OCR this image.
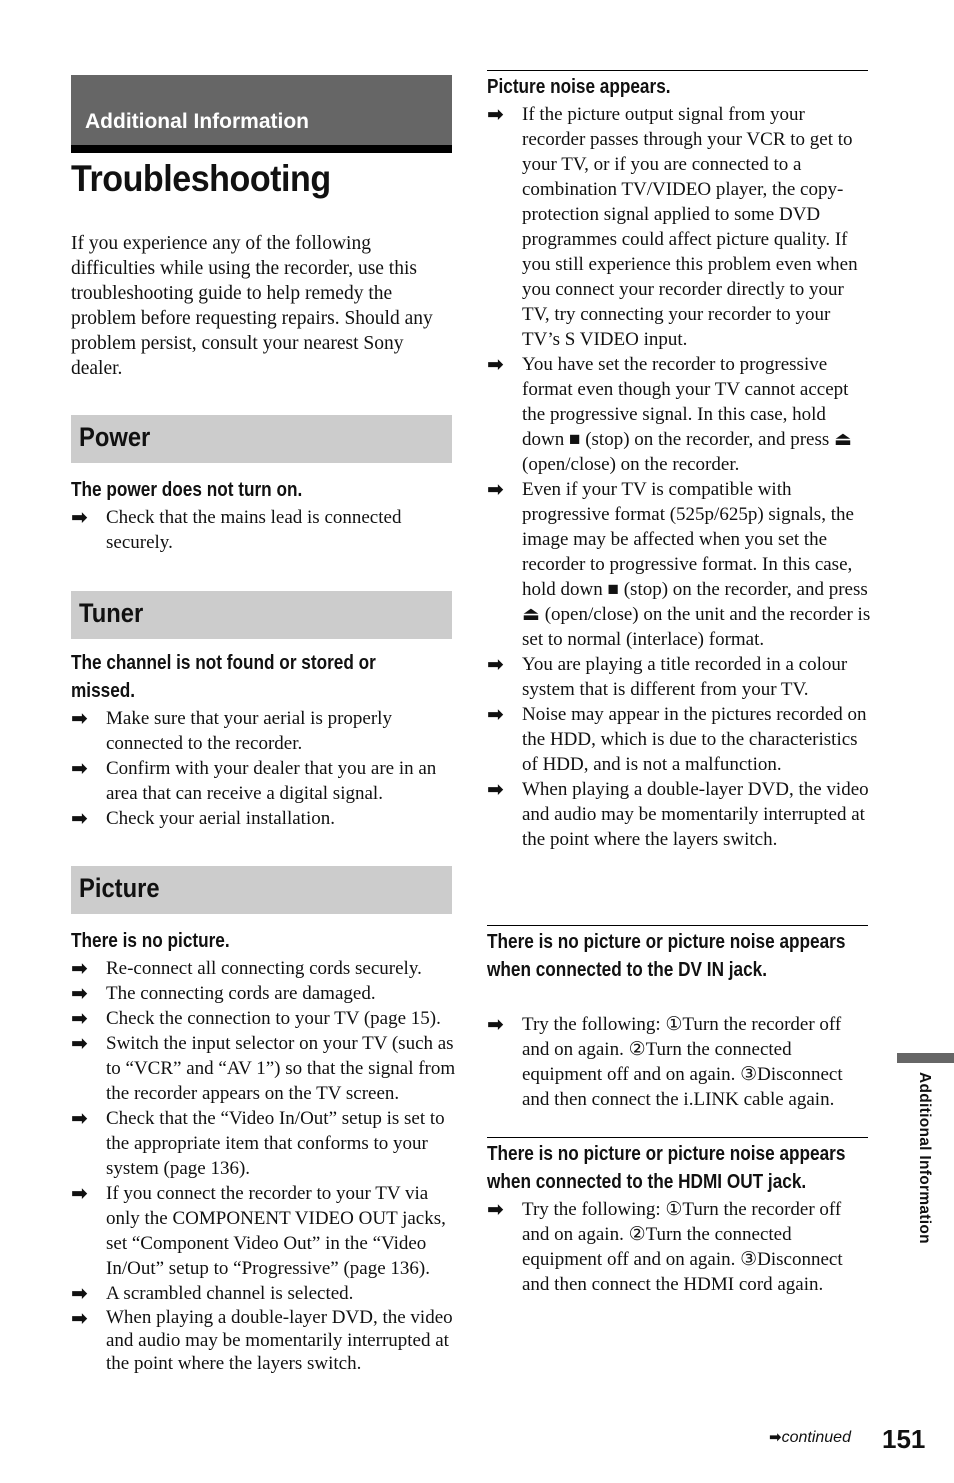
Additional Information
Troubleshooting

If you experience any of the following difficulties while using the recorder, use this troubleshooting guide to help remedy the problem before requesting repairs. Should any problem persist, consult your nearest Sony dealer.

Power
The power does not turn on.
➡ Check that the mains lead is connected securely.
Tuner
The channel is not found or stored or missed.
➡ Make sure that your aerial is properly connected to the recorder.
➡ Confirm with your dealer that you are in an area that can receive a digital signal.
➡ Check your aerial installation.
Picture
There is no picture.
➡ Re-connect all connecting cords securely.
➡ The connecting cords are damaged.
➡ Check the connection to your TV (page 15).
➡ Switch the input selector on your TV (such as to “VCR” and “AV 1”) so that the signal from the recorder appears on the TV screen.
➡ Check that the “Video In/Out” setup is set to the appropriate item that conforms to your system (page 136).
➡ If you connect the recorder to your TV via only the COMPONENT VIDEO OUT jacks, set “Component Video Out” in the “Video In/Out” setup to “Progressive” (page 136).
➡ A scrambled channel is selected.
➡ When playing a double-layer DVD, the video and audio may be momentarily interrupted at the point where the layers switch.
Picture noise appears.
➡ If the picture output signal from your recorder passes through your VCR to get to your TV, or if you are connected to a combination TV/VIDEO player, the copy-protection signal applied to some DVD programmes could affect picture quality. If you still experience this problem even when you connect your recorder directly to your TV, try connecting your recorder to your TV’s S VIDEO input.
➡ You have set the recorder to progressive format even though your TV cannot accept the progressive signal. In this case, hold down ■ (stop) on the recorder, and press ⏏ (open/close) on the recorder.
➡ Even if your TV is compatible with progressive format (525p/625p) signals, the image may be affected when you set the recorder to progressive format. In this case, hold down ■ (stop) on the recorder, and press ⏏ (open/close) on the unit and the recorder is set to normal (interlace) format.
➡ You are playing a title recorded in a colour system that is different from your TV.
➡ Noise may appear in the pictures recorded on the HDD, which is due to the characteristics of HDD, and is not a malfunction.
➡ When playing a double-layer DVD, the video and audio may be momentarily interrupted at the point where the layers switch.
There is no picture or picture noise appears when connected to the DV IN jack.
➡ Try the following: ①Turn the recorder off and on again. ②Turn the connected equipment off and on again. ③Disconnect and then connect the i.LINK cable again.
There is no picture or picture noise appears when connected to the HDMI OUT jack.
➡ Try the following: ①Turn the recorder off and on again. ②Turn the connected equipment off and on again. ③Disconnect and then connect the HDMI cord again.
Additional Information
➡continued 151
